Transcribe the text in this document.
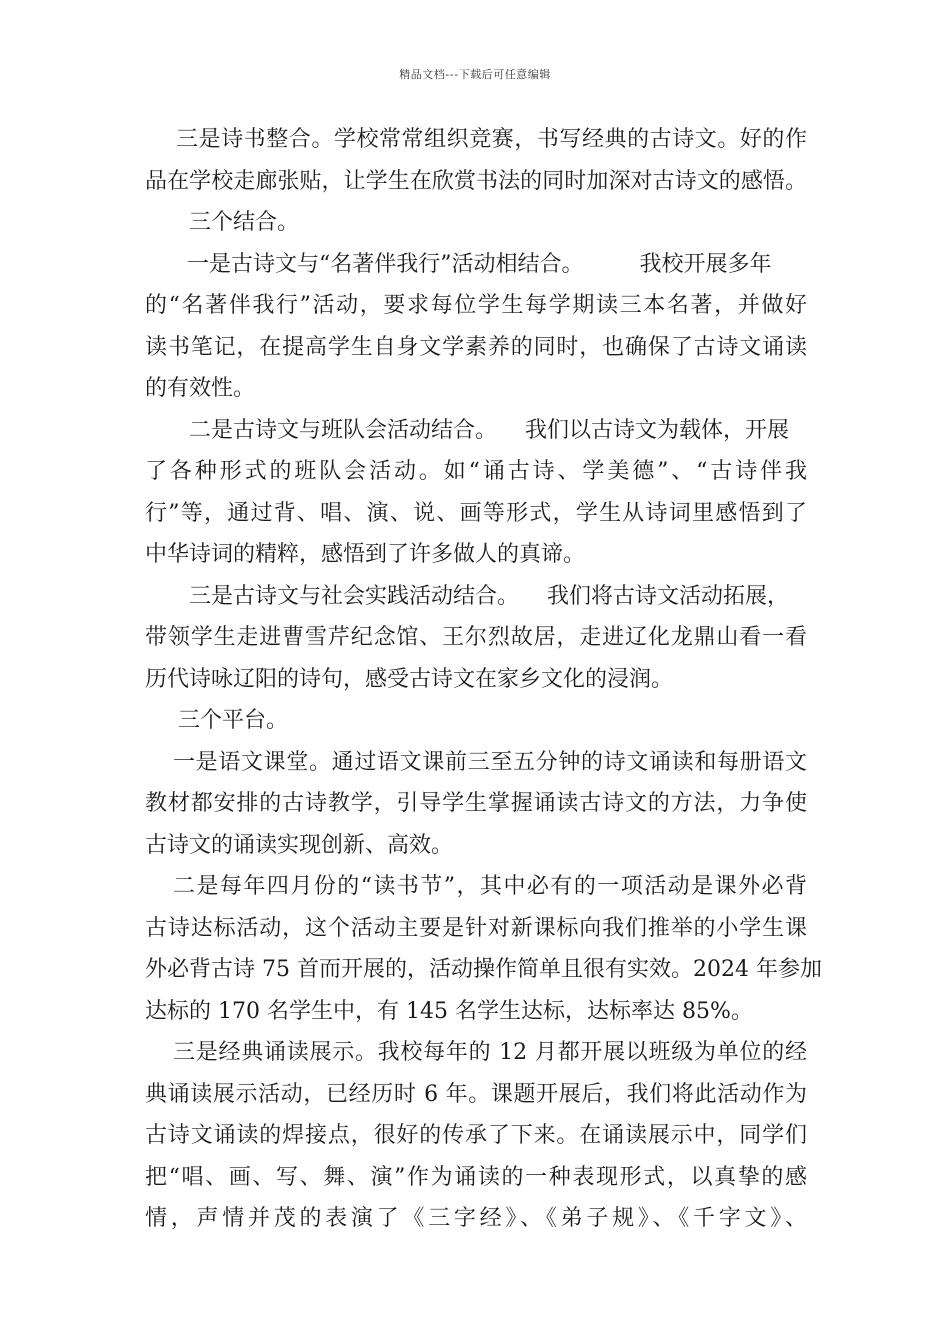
精品文档---下载后可任意编辑
三是诗书整合。学校常常组织竞赛，书写经典的古诗文。好的作
品在学校走廊张贴，让学生在欣赏书法的同时加深对古诗文的感悟。
三个结合。
一是古诗文与“名著伴我行”活动相结合。	我校开展多年
的“名著伴我行”活动，要求每位学生每学期读三本名著，并做好
读书笔记，在提高学生自身文学素养的同时，也确保了古诗文诵读
的有效性。
二是古诗文与班队会活动结合。 我们以古诗文为载体，开展
了各种形式的班队会活动。如“诵古诗、学美德”、“古诗伴我
行”等，通过背、唱、演、说、画等形式，学生从诗词里感悟到了
中华诗词的精粹，感悟到了许多做人的真谛。
三是古诗文与社会实践活动结合。 我们将古诗文活动拓展，
带领学生走进曹雪芹纪念馆、王尔烈故居，走进辽化龙鼎山看一看
历代诗咏辽阳的诗句，感受古诗文在家乡文化的浸润。
三个平台。
一是语文课堂。通过语文课前三至五分钟的诗文诵读和每册语文
教材都安排的古诗教学，引导学生掌握诵读古诗文的方法，力争使
古诗文的诵读实现创新、高效。
二是每年四月份的“读书节”，其中必有的一项活动是课外必背
古诗达标活动，这个活动主要是针对新课标向我们推举的小学生课
外必背古诗 75 首而开展的，活动操作简单且很有实效。2024 年参加
达标的 170 名学生中，有 145 名学生达标，达标率达 85%。
三是经典诵读展示。我校每年的 12 月都开展以班级为单位的经
典诵读展示活动，已经历时 6 年。课题开展后，我们将此活动作为
古诗文诵读的焊接点，很好的传承了下来。在诵读展示中，同学们
把“唱、画、写、舞、演”作为诵读的一种表现形式，以真挚的感
情，声情并茂的表演了《三字经》、《弟子规》、《千字文》、
